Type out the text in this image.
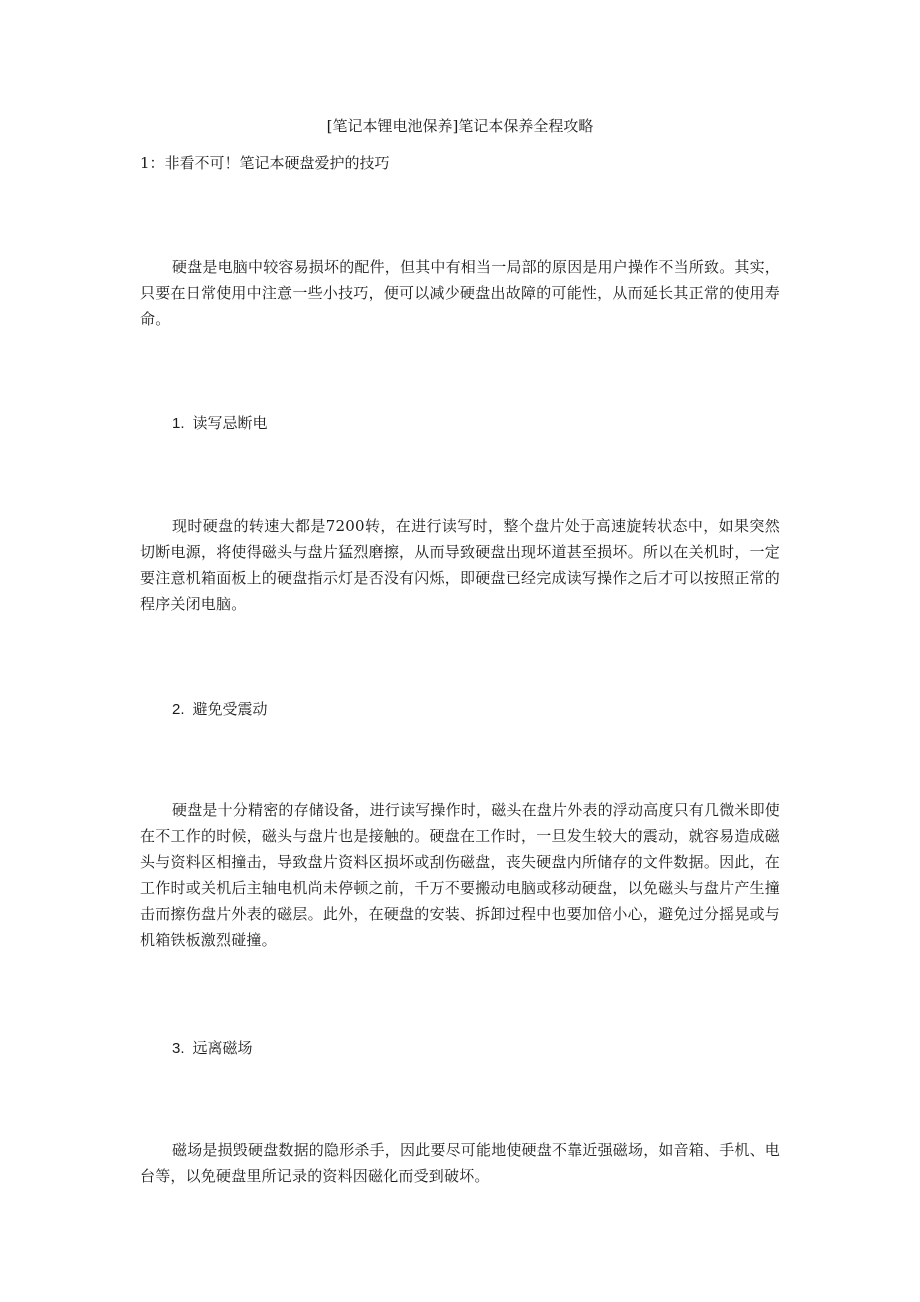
[笔记本锂电池保养]笔记本保养全程攻略
1：非看不可！笔记本硬盘爱护的技巧

硬盘是电脑中较容易损坏的配件，但其中有相当一局部的原因是用户操作不当所致。其实，只要在日常使用中注意一些小技巧，便可以减少硬盘出故障的可能性，从而延长其正常的使用寿命。

1. 读写忌断电

现时硬盘的转速大都是7200转，在进行读写时，整个盘片处于高速旋转状态中，如果突然切断电源，将使得磁头与盘片猛烈磨擦，从而导致硬盘出现坏道甚至损坏。所以在关机时，一定要注意机箱面板上的硬盘指示灯是否没有闪烁，即硬盘已经完成读写操作之后才可以按照正常的程序关闭电脑。

2. 避免受震动

硬盘是十分精密的存储设备，进行读写操作时，磁头在盘片外表的浮动高度只有几微米即使在不工作的时候，磁头与盘片也是接触的。硬盘在工作时，一旦发生较大的震动，就容易造成磁头与资料区相撞击，导致盘片资料区损坏或刮伤磁盘，丧失硬盘内所储存的文件数据。因此，在工作时或关机后主轴电机尚未停顿之前，千万不要搬动电脑或移动硬盘，以免磁头与盘片产生撞击而擦伤盘片外表的磁层。此外，在硬盘的安装、拆卸过程中也要加倍小心，避免过分摇晃或与机箱铁板激烈碰撞。

3. 远离磁场

磁场是损毁硬盘数据的隐形杀手，因此要尽可能地使硬盘不靠近强磁场，如音箱、手机、电台等，以免硬盘里所记录的资料因磁化而受到破坏。
